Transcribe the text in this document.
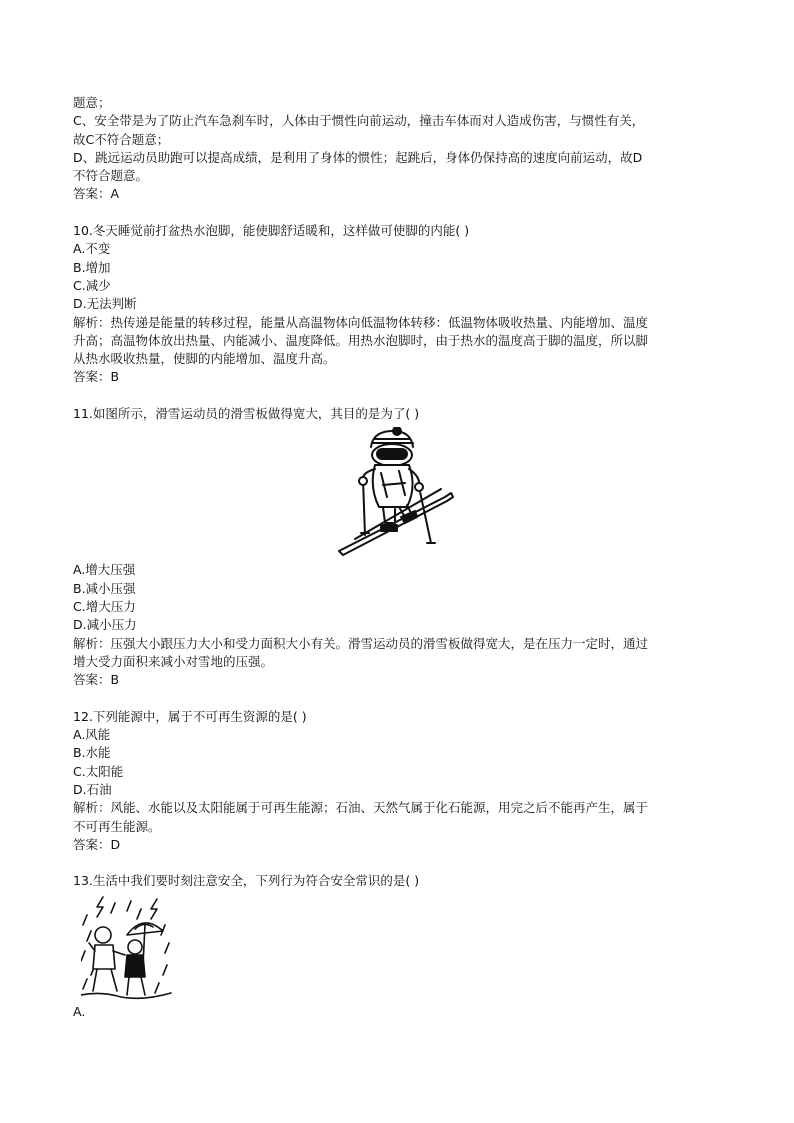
题意；
C、安全带是为了防止汽车急刹车时，人体由于惯性向前运动，撞击车体而对人造成伤害，与惯性有关，
故C不符合题意；
D、跳远运动员助跑可以提高成绩，是利用了身体的惯性；起跳后，身体仍保持高的速度向前运动，故D
不符合题意。
答案：A
10.冬天睡觉前打盆热水泡脚，能使脚舒适暖和，这样做可使脚的内能( )
A.不变
B.增加
C.减少
D.无法判断
解析：热传递是能量的转移过程，能量从高温物体向低温物体转移：低温物体吸收热量、内能增加、温度
升高；高温物体放出热量、内能减小、温度降低。用热水泡脚时，由于热水的温度高于脚的温度，所以脚
从热水吸收热量，使脚的内能增加、温度升高。
答案：B
11.如图所示，滑雪运动员的滑雪板做得宽大，其目的是为了( )
A.增大压强
B.减小压强
C.增大压力
D.减小压力
解析：压强大小跟压力大小和受力面积大小有关。滑雪运动员的滑雪板做得宽大，是在压力一定时，通过
增大受力面积来减小对雪地的压强。
答案：B
12.下列能源中，属于不可再生资源的是( )
A.风能
B.水能
C.太阳能
D.石油
解析：风能、水能以及太阳能属于可再生能源；石油、天然气属于化石能源，用完之后不能再产生，属于
不可再生能源。
答案：D
13.生活中我们要时刻注意安全，下列行为符合安全常识的是( )
A.
